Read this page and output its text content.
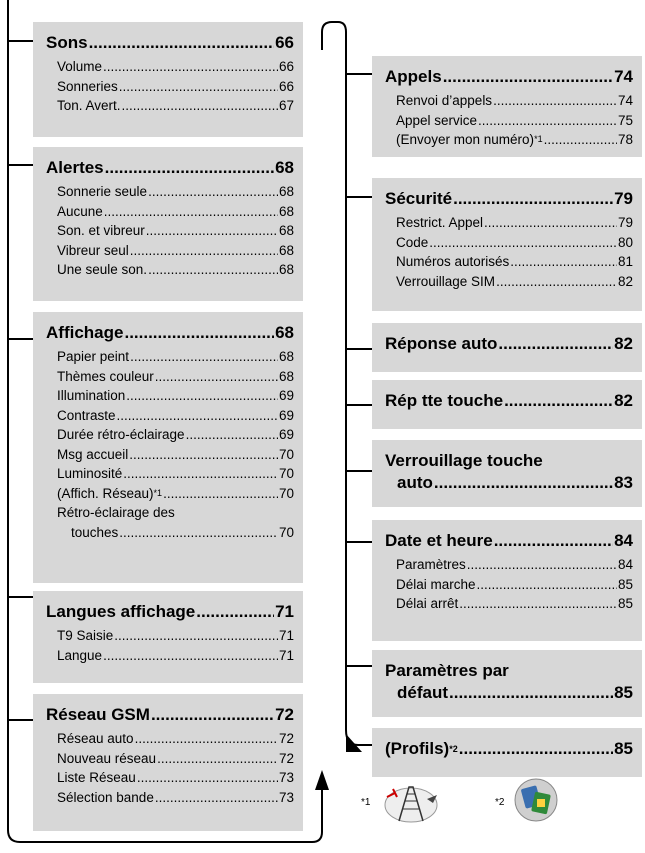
Sons .....	66
Volume .....	66
Sonneries .....	66
Ton. Avert. .....	67
Alertes .....	68
Sonnerie seule .....	68
Aucune .....	68
Son. et vibreur .....	68
Vibreur seul .....	68
Une seule son. .....	68
Affichage .....	68
Papier peint .....	68
Thèmes couleur .....	68
Illumination .....	69
Contraste .....	69
Durée rétro-éclairage .....	69
Msg accueil .....	70
Luminosité .....	70
(Affich. Réseau)$^{*1}$ .....	70
Rétro-éclairage des
touches .....	70
Langues affichage .....	71
T9 Saisie .....	71
Langue .....	71
Réseau GSM .....	72
Réseau auto .....	72
Nouveau réseau .....	72
Liste Réseau .....	73
Sélection bande .....	73
Appels .....	74
Renvoi d’appels .....	74
Appel service .....	75
(Envoyer mon numéro)$^{*1}$ .....	78
Sécurité .....	79
Restrict. Appel .....	79
Code .....	80
Numéros autorisés .....	81
Verrouillage SIM .....	82
Réponse auto .....	82
Rép tte touche .....	82
Verrouillage touche
auto .....	83
Date et heure .....	84
Paramètres .....	84
Délai marche .....	85
Délai arrêt .....	85
Paramètres par
défaut .....	85
(Profils)$^{*2}$ .....	85
*1	*2
